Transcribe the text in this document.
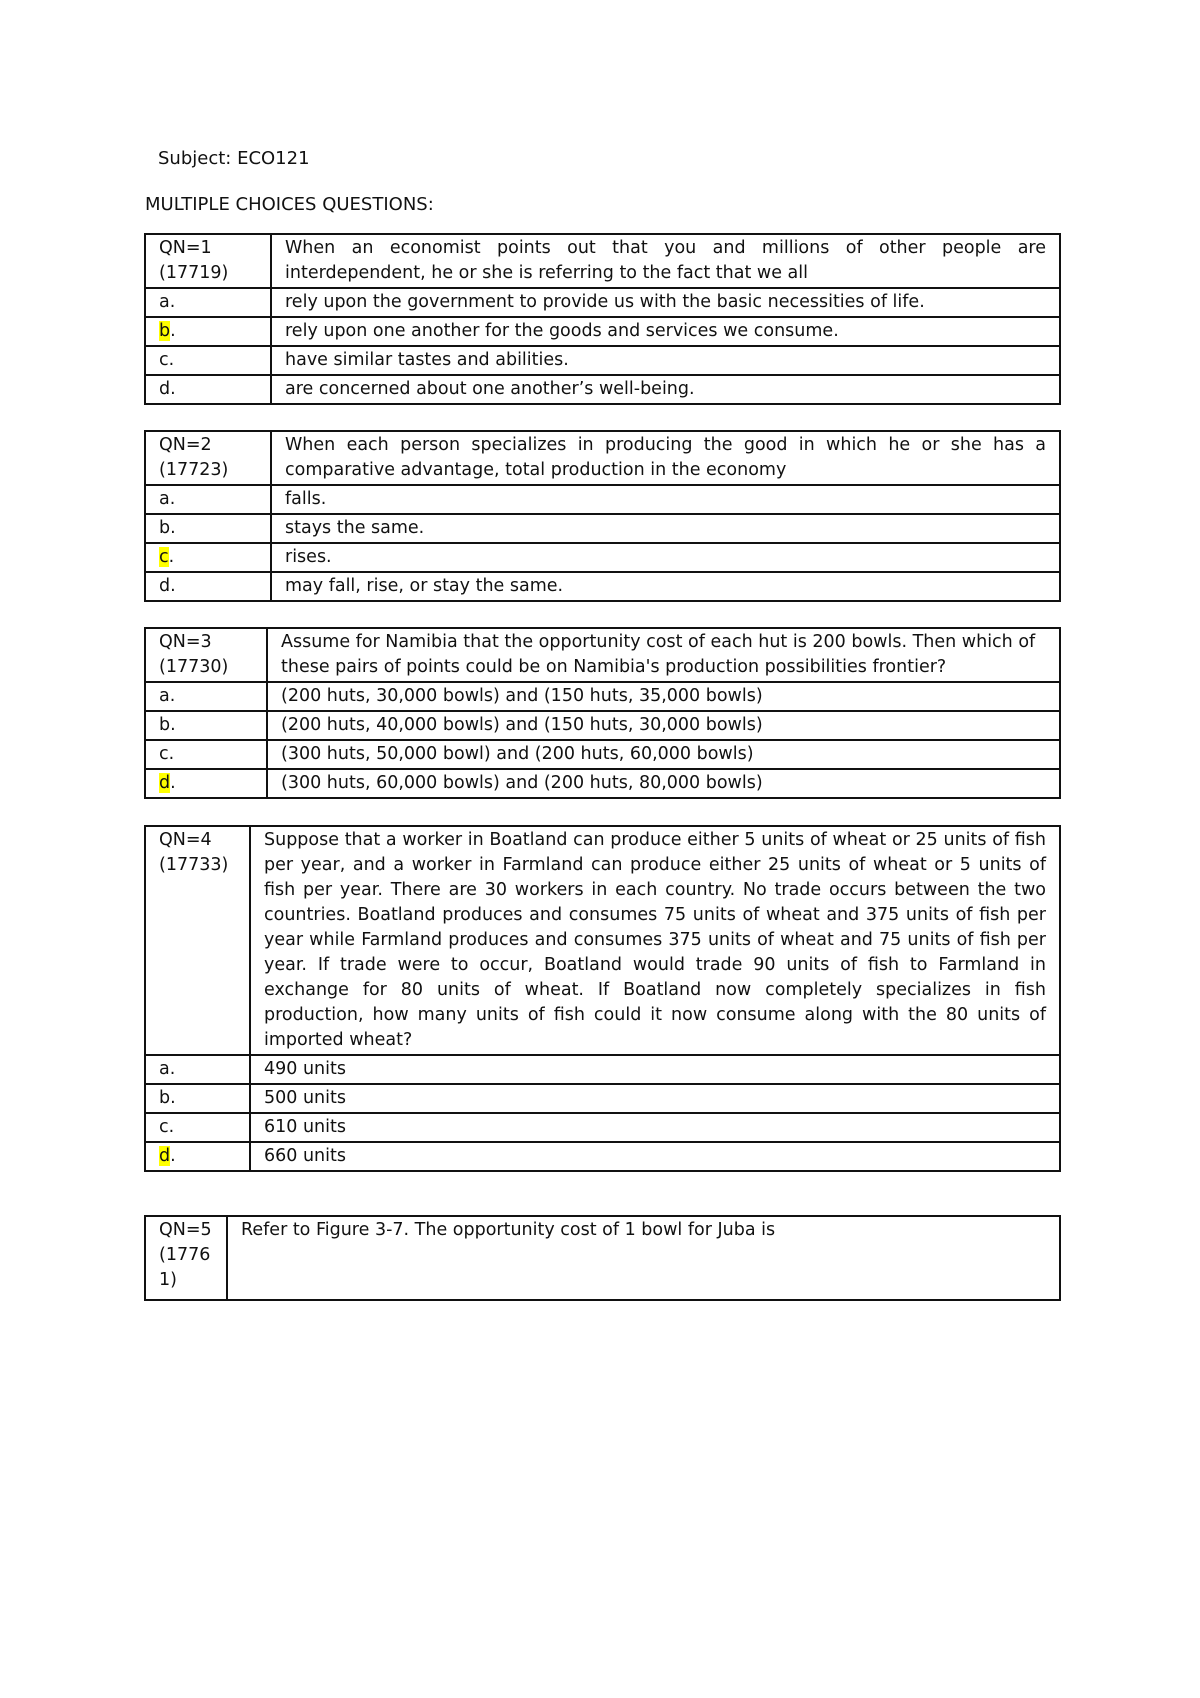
Subject: ECO121
MULTIPLE CHOICES QUESTIONS:
QN=1
(17719)	When an economist points out that you and millions of other people are interdependent, he or she is referring to the fact that we all
a.	rely upon the government to provide us with the basic necessities of life.
b.	rely upon one another for the goods and services we consume.
c.	have similar tastes and abilities.
d.	are concerned about one another’s well-being.
QN=2
(17723)	When each person specializes in producing the good in which he or she has a comparative advantage, total production in the economy
a.	falls.
b.	stays the same.
c.	rises.
d.	may fall, rise, or stay the same.
QN=3
(17730)	Assume for Namibia that the opportunity cost of each hut is 200 bowls. Then which of these pairs of points could be on Namibia's production possibilities frontier?
a.	(200 huts, 30,000 bowls) and (150 huts, 35,000 bowls)
b.	(200 huts, 40,000 bowls) and (150 huts, 30,000 bowls)
c.	(300 huts, 50,000 bowl) and (200 huts, 60,000 bowls)
d.	(300 huts, 60,000 bowls) and (200 huts, 80,000 bowls)
QN=4
(17733)	Suppose that a worker in Boatland can produce either 5 units of wheat or 25 units of fish per year, and a worker in Farmland can produce either 25 units of wheat or 5 units of fish per year. There are 30 workers in each country. No trade occurs between the two countries. Boatland produces and consumes 75 units of wheat and 375 units of fish per year while Farmland produces and consumes 375 units of wheat and 75 units of fish per year. If trade were to occur, Boatland would trade 90 units of fish to Farmland in exchange for 80 units of wheat. If Boatland now completely specializes in fish production, how many units of fish could it now consume along with the 80 units of imported wheat?
a.	490 units
b.	500 units
c.	610 units
d.	660 units
QN=5
(17761)
	Refer to Figure 3-7. The opportunity cost of 1 bowl for Juba is
